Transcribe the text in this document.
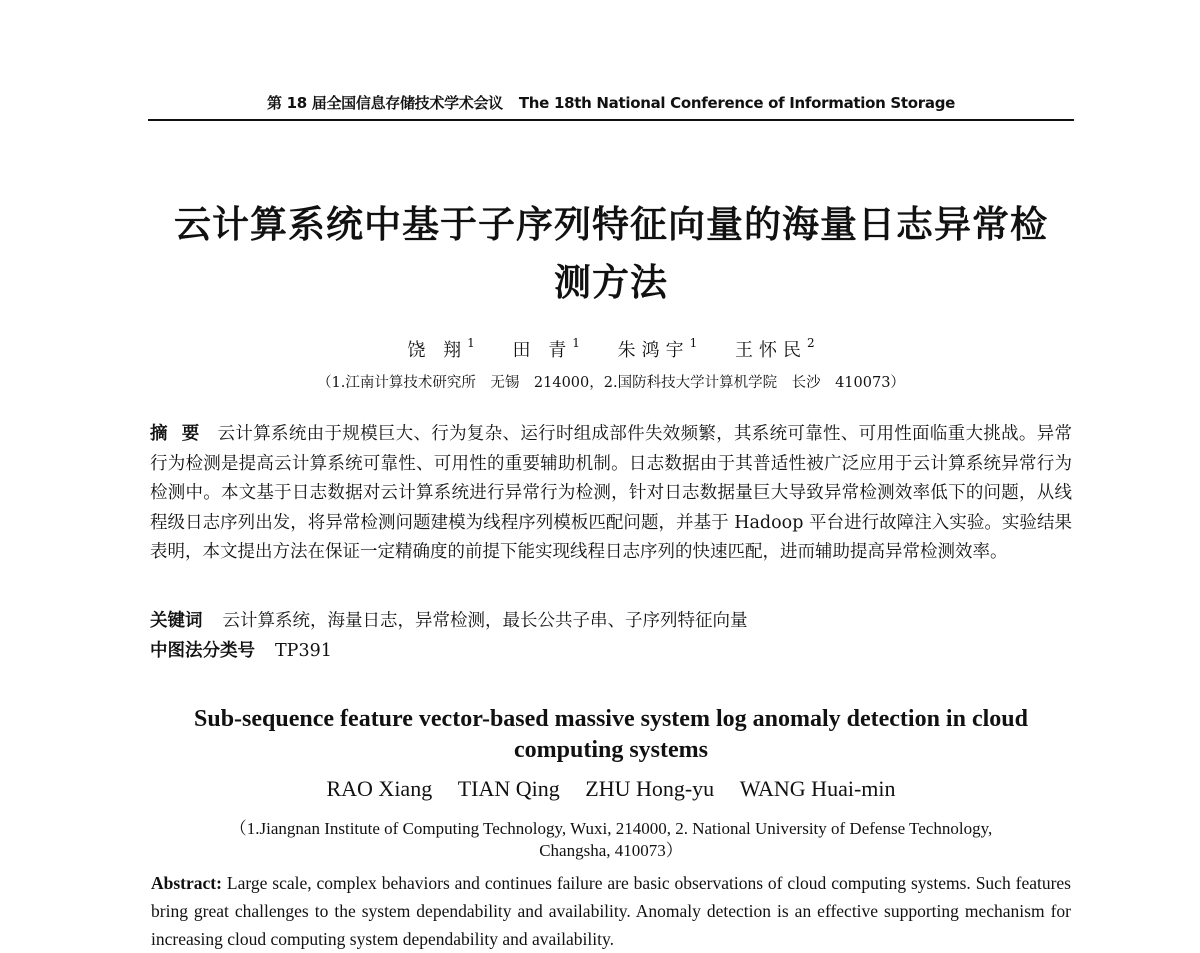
第 18 届全国信息存储技术学术会议 The 18th National Conference of Information Storage
云计算系统中基于子序列特征向量的海量日志异常检
测方法
饶 翔$^1$ 田 青$^1$ 朱鸿宇$^1$ 王怀民$^2$
（1.江南计算技术研究所　无锡　214000，2.国防科技大学计算机学院　长沙　410073）
摘要 云计算系统由于规模巨大、行为复杂、运行时组成部件失效频繁，其系统可靠性、可用性面临重大挑战。异常行为检测是提高云计算系统可靠性、可用性的重要辅助机制。日志数据由于其普适性被广泛应用于云计算系统异常行为检测中。本文基于日志数据对云计算系统进行异常行为检测，针对日志数据量巨大导致异常检测效率低下的问题，从线程级日志序列出发，将异常检测问题建模为线程序列模板匹配问题，并基于 Hadoop 平台进行故障注入实验。实验结果表明，本文提出方法在保证一定精确度的前提下能实现线程日志序列的快速匹配，进而辅助提高异常检测效率。
关键词 云计算系统，海量日志，异常检测，最长公共子串、子序列特征向量
中图法分类号 TP391
Sub-sequence feature vector-based massive system log anomaly detection in cloud
computing systems
RAO Xiang TIAN Qing ZHU Hong-yu WANG Huai-min
（1.Jiangnan Institute of Computing Technology, Wuxi, 214000, 2. National University of Defense Technology,
Changsha, 410073）
Abstract: Large scale, complex behaviors and continues failure are basic observations of cloud computing systems. Such features bring great challenges to the system dependability and availability. Anomaly detection is an effective supporting mechanism for increasing cloud computing system dependability and availability.
